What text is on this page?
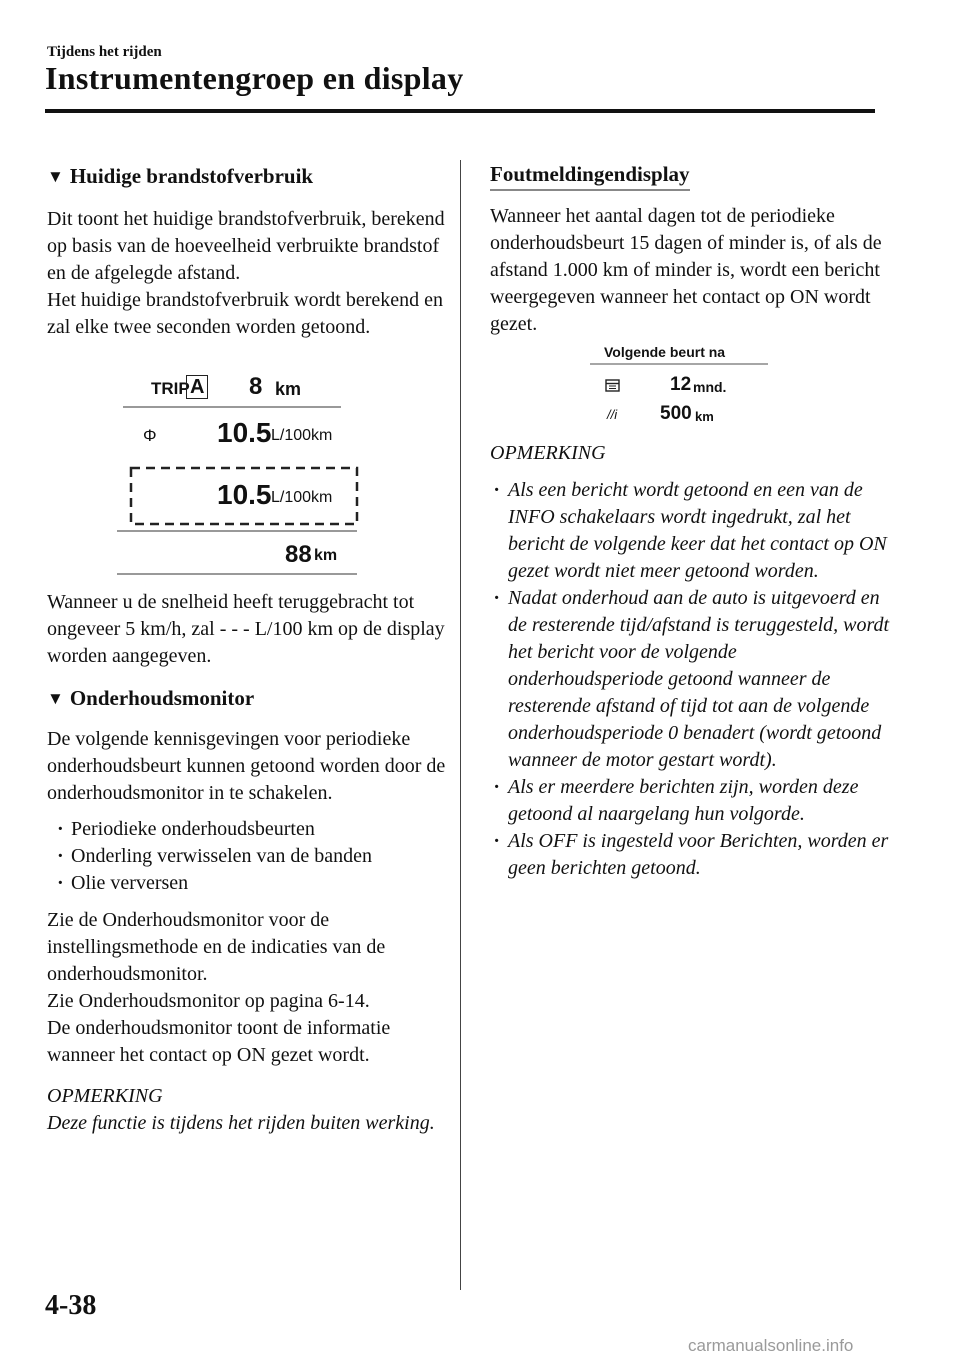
Tijdens het rijden
Instrumentengroep en display
▼ Huidige brandstofverbruik

Dit toont het huidige brandstofverbruik, berekend op basis van de hoeveelheid verbruikte brandstof en de afgelegde afstand.

Het huidige brandstofverbruik wordt berekend en zal elke twee seconden worden getoond.

TRIP A 8 km
Φ 10.5 L/100km
10.5 L/100km
88 km

Wanneer u de snelheid heeft teruggebracht tot ongeveer 5 km/h, zal - - - L/100 km op de display worden aangegeven.

▼ Onderhoudsmonitor

De volgende kennisgevingen voor periodieke onderhoudsbeurt kunnen getoond worden door de onderhoudsmonitor in te schakelen.

· Periodieke onderhoudsbeurten
· Onderling verwisselen van de banden
· Olie verversen

Zie de Onderhoudsmonitor voor de instellingsmethode en de indicaties van de onderhoudsmonitor.

Zie Onderhoudsmonitor op pagina 6-14.

De onderhoudsmonitor toont de informatie wanneer het contact op ON gezet wordt.

OPMERKING

Deze functie is tijdens het rijden buiten werking.

Foutmeldingendisplay

Wanneer het aantal dagen tot de periodieke onderhoudsbeurt 15 dagen of minder is, of als de afstand 1.000 km of minder is, wordt een bericht weergegeven wanneer het contact op ON wordt gezet.

Volgende beurt na
12 mnd.
//i 500 km

OPMERKING

· Als een bericht wordt getoond en een van de INFO schakelaars wordt ingedrukt, zal het bericht de volgende keer dat het contact op ON gezet wordt niet meer getoond worden.
· Nadat onderhoud aan de auto is uitgevoerd en de resterende tijd/afstand is teruggesteld, wordt het bericht voor de volgende onderhoudsperiode getoond wanneer de resterende afstand of tijd tot aan de volgende onderhoudsperiode 0 benadert (wordt getoond wanneer de motor gestart wordt).
· Als er meerdere berichten zijn, worden deze getoond al naargelang hun volgorde.
· Als OFF is ingesteld voor Berichten, worden er geen berichten getoond.
4-38
carmanualsonline.info
